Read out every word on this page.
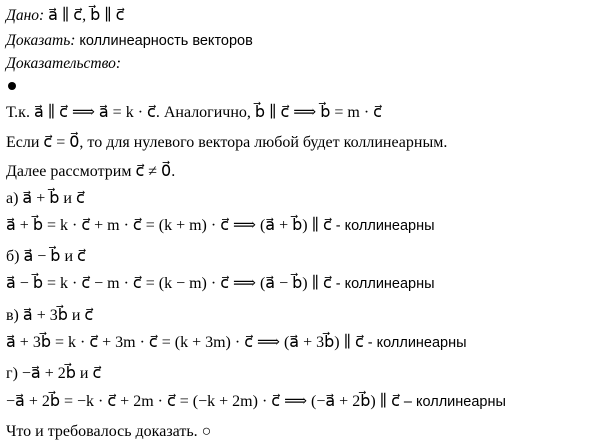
Дано: a⃗ ∥ c⃗, b⃗ ∥ c⃗
Доказать: коллинеарность векторов
Доказательство:
Т.к. a⃗ ∥ c⃗ ⟹ a⃗ = k · c⃗. Аналогично, b⃗ ∥ c⃗ ⟹ b⃗ = m · c⃗
Если c⃗ = 0⃗, то для нулевого вектора любой будет коллинеарным.
Далее рассмотрим c⃗ ≠ 0⃗.
а) a⃗ + b⃗ и c⃗
a⃗ + b⃗ = k · c⃗ + m · c⃗ = (k + m) · c⃗ ⟹ (a⃗ + b⃗) ∥ c⃗ - коллинеарны
б) a⃗ − b⃗ и c⃗
a⃗ − b⃗ = k · c⃗ − m · c⃗ = (k − m) · c⃗ ⟹ (a⃗ − b⃗) ∥ c⃗ - коллинеарны
в) a⃗ + 3b⃗ и c⃗
a⃗ + 3b⃗ = k · c⃗ + 3m · c⃗ = (k + 3m) · c⃗ ⟹ (a⃗ + 3b⃗) ∥ c⃗ - коллинеарны
г) −a⃗ + 2b⃗ и c⃗
−a⃗ + 2b⃗ = −k · c⃗ + 2m · c⃗ = (−k + 2m) · c⃗ ⟹ (−a⃗ + 2b⃗) ∥ c⃗ – коллинеарны
Что и требовалось доказать. ○
